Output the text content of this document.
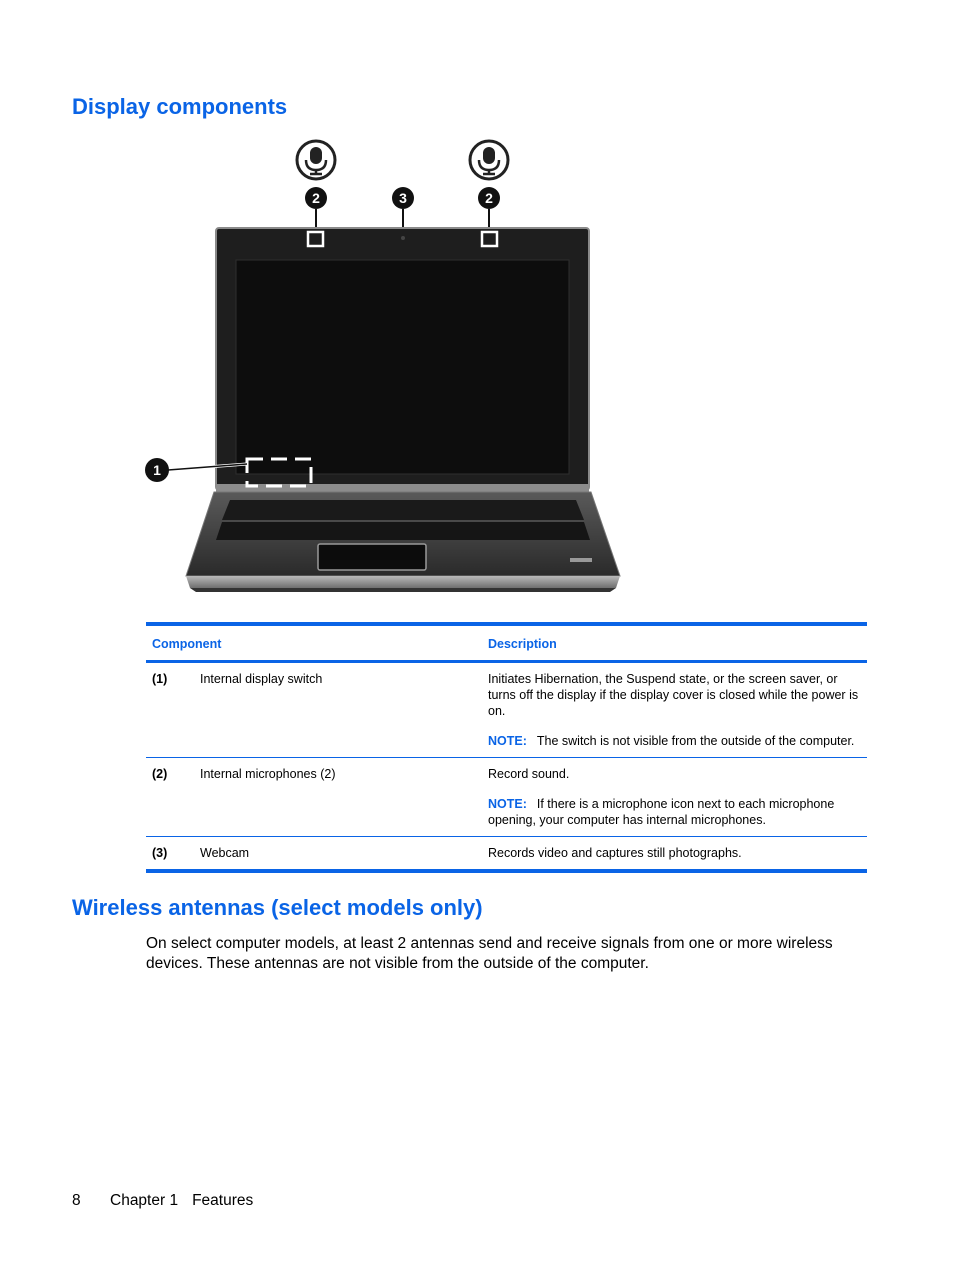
Display components
2	3	2
1
Component		Description
(1)	Internal display switch	Initiates Hibernation, the Suspend state, or the screen saver, or turns off the display if the display cover is closed while the power is on.

NOTE: The switch is not visible from the outside of the computer.

(2)	Internal microphones (2)	Record sound.

NOTE: If there is a microphone icon next to each microphone opening, your computer has internal microphones.

(3)	Webcam	Records video and captures still photographs.

Wireless antennas (select models only)

On select computer models, at least 2 antennas send and receive signals from one or more wireless devices. These antennas are not visible from the outside of the computer.

8 Chapter 1 Features
